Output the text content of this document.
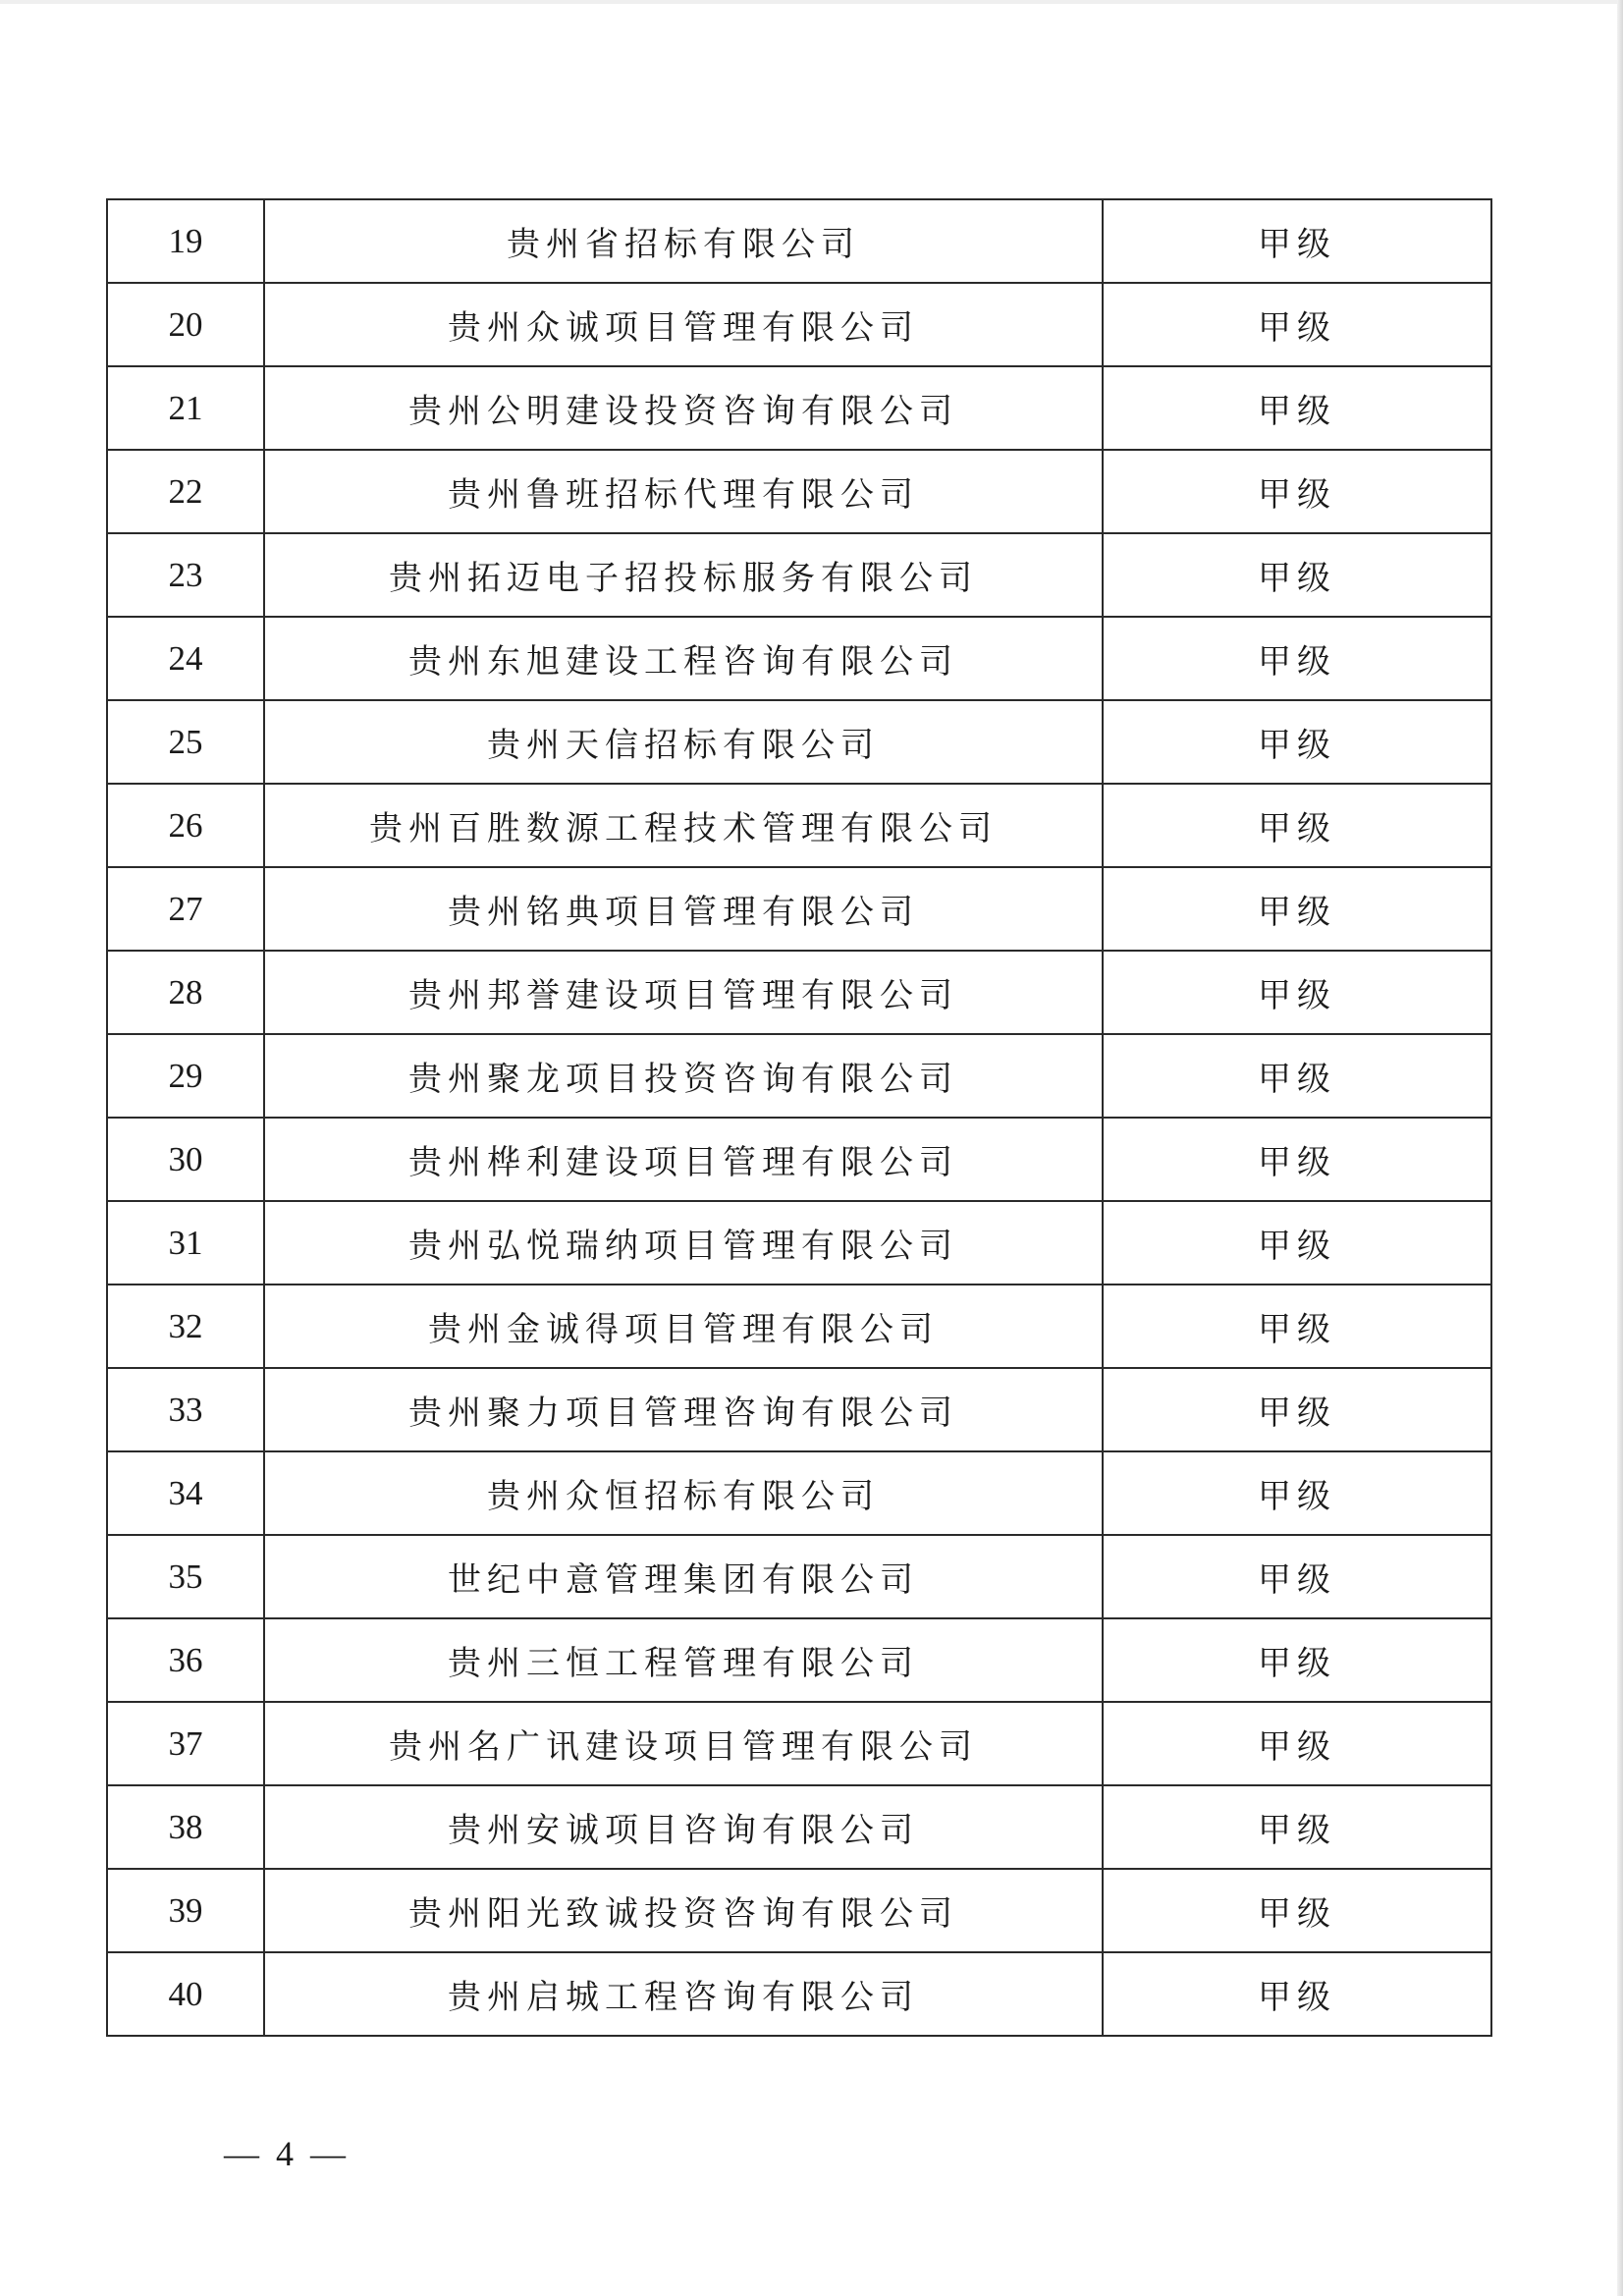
19	贵州省招标有限公司	甲级
20	贵州众诚项目管理有限公司	甲级
21	贵州公明建设投资咨询有限公司	甲级
22	贵州鲁班招标代理有限公司	甲级
23	贵州拓迈电子招投标服务有限公司	甲级
24	贵州东旭建设工程咨询有限公司	甲级
25	贵州天信招标有限公司	甲级
26	贵州百胜数源工程技术管理有限公司	甲级
27	贵州铭典项目管理有限公司	甲级
28	贵州邦誉建设项目管理有限公司	甲级
29	贵州聚龙项目投资咨询有限公司	甲级
30	贵州桦利建设项目管理有限公司	甲级
31	贵州弘悦瑞纳项目管理有限公司	甲级
32	贵州金诚得项目管理有限公司	甲级
33	贵州聚力项目管理咨询有限公司	甲级
34	贵州众恒招标有限公司	甲级
35	世纪中意管理集团有限公司	甲级
36	贵州三恒工程管理有限公司	甲级
37	贵州名广讯建设项目管理有限公司	甲级
38	贵州安诚项目咨询有限公司	甲级
39	贵州阳光致诚投资咨询有限公司	甲级
40	贵州启城工程咨询有限公司	甲级
— 4 —
